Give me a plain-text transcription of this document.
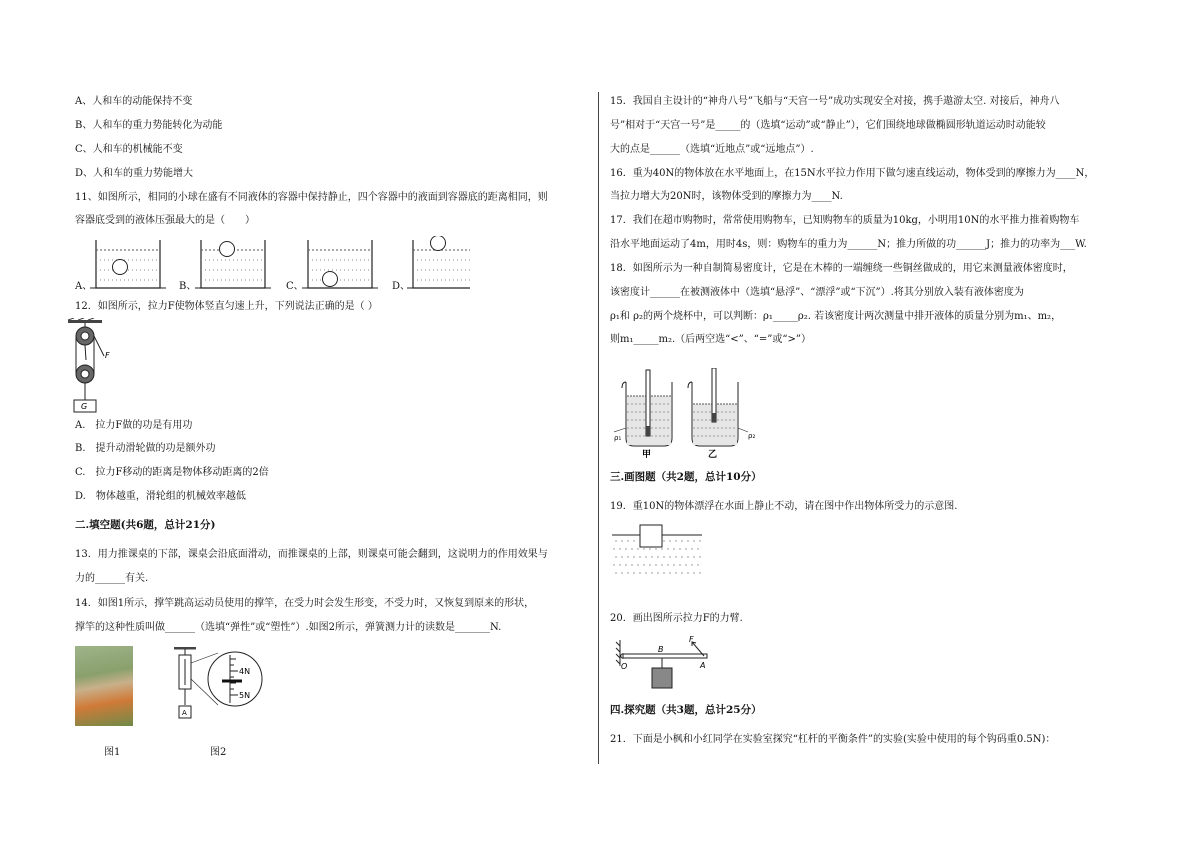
A、人和车的动能保持不变
B、人和车的重力势能转化为动能
C、人和车的机械能不变
D、人和车的重力势能增大
11、如图所示，相同的小球在盛有不同液体的容器中保持静止，四个容器中的液面到容器底的距离相同，则
容器底受到的液体压强最大的是（　　）
A、	B、	C、	D、
12．如图所示，拉力F使物体竖直匀速上升，下列说法正确的是（ ）
F
G
A.　拉力F做的功是有用功
B.　提升动滑轮做的功是额外功
C.　拉力F移动的距离是物体移动距离的2倍
D.　物体越重，滑轮组的机械效率越低
二.填空题(共6题，总计21分)
13．用力推课桌的下部，课桌会沿底面滑动，而推课桌的上部，则课桌可能会翻到，这说明力的作用效果与
力的______有关.
14．如图1所示，撑竿跳高运动员使用的撑竿，在受力时会发生形变，不受力时，又恢复到原来的形状，
撑竿的这种性质叫做______（选填“弹性”或“塑性”）.如图2所示，弹簧测力计的读数是_______N.
A
4N
5N
图1	图2
15．我国自主设计的“神舟八号”飞船与“天宫一号”成功实现安全对接，携手遨游太空. 对接后，神舟八
号”相对于“天宫一号”是_____的（选填“运动”或“静止”），它们围绕地球做椭圆形轨道运动时动能较
大的点是______（选填“近地点”或“远地点”）.
16．重为40N的物体放在水平地面上，在15N水平拉力作用下做匀速直线运动，物体受到的摩擦力为____N，
当拉力增大为20N时，该物体受到的摩擦力为____N.
17．我们在超市购物时，常常使用购物车，已知购物车的质量为10kg，小明用10N的水平推力推着购物车
沿水平地面运动了4m，用时4s，则：购物车的重力为______N；推力所做的功______J；推力的功率为___W.
18．如图所示为一种自制简易密度计，它是在木棒的一端缠绕一些铜丝做成的，用它来测量液体密度时，
该密度计______在被测液体中（选填“悬浮”、“漂浮”或“下沉”）.将其分别放入装有液体密度为
ρ₁和 ρ₂的两个烧杯中，可以判断：ρ₁_____ρ₂. 若该密度计两次测量中排开液体的质量分别为m₁、m₂，
则m₁_____m₂.（后两空选“<”、“=”或“>”）
ρ₁
甲
ρ₂
乙
三.画图题（共2题，总计10分）
19．重10N的物体漂浮在水面上静止不动，请在图中作出物体所受力的示意图.
20．画出图所示拉力F的力臂.
O
B
A
F
四.探究题（共3题，总计25分）
21．下面是小枫和小红同学在实验室探究“杠杆的平衡条件”的实验(实验中使用的每个钩码重0.5N)：
